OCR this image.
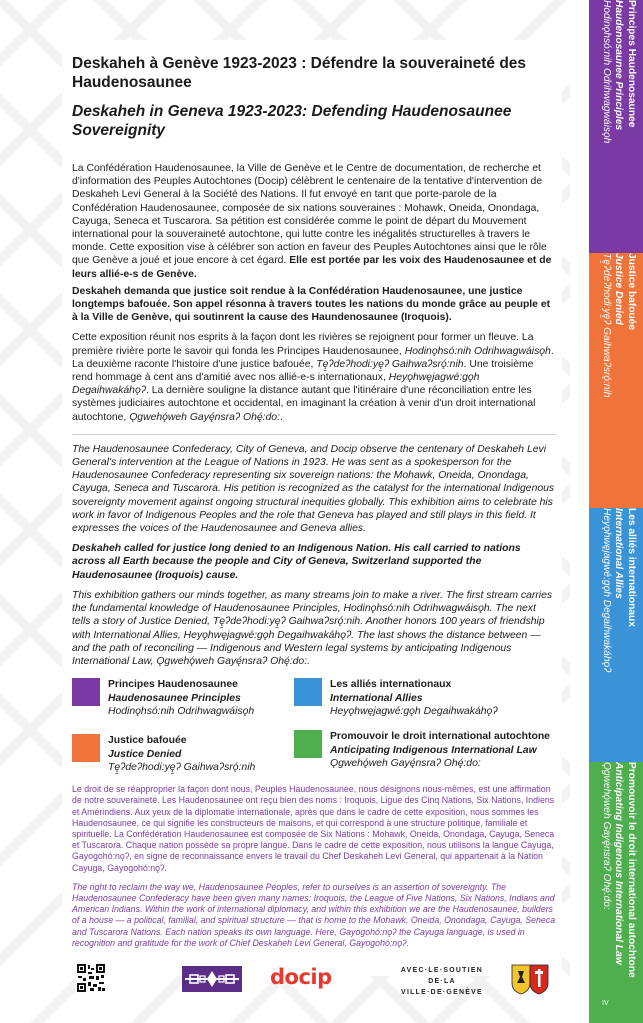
Deskaheh à Genève 1923-2023 : Défendre la souveraineté des Haudenosaunee
Deskaheh in Geneva 1923-2023: Defending Haudenosaunee Sovereignity

La Confédération Haudenosaunee, la Ville de Genève et le Centre de documentation, de recherche et d'information des Peuples Autochtones (Docip) célèbrent le centenaire de la tentative d'intervention de Deskaheh Levi General à la Société des Nations. Il fut envoyé en tant que porte-parole de la Confédération Haudenosaunee, composée de six nations souveraines : Mohawk, Oneida, Onondaga, Cayuga, Seneca et Tuscarora. Sa pétition est considérée comme le point de départ du Mouvement international pour la souveraineté autochtone, qui lutte contre les inégalités structurelles à travers le monde. Cette exposition vise à célébrer son action en faveur des Peuples Autochtones ainsi que le rôle que Genève a joué et joue encore à cet égard. Elle est portée par les voix des Haudenosaunee et de leurs allié-e-s de Genève.

Deskaheh demanda que justice soit rendue à la Confédération Haudenosaunee, une justice longtemps bafouée. Son appel résonna à travers toutes les nations du monde grâce au peuple et à la Ville de Genève, qui soutinrent la cause des Haundenosaunee (Iroquois).

Cette exposition réunit nos esprits à la façon dont les rivières se rejoignent pour former un fleuve. La première rivière porte le savoir qui fonda les Principes Haudenosaunee, Hodinǫhsó:nih Odrihwagwáisǫh. La deuxième raconte l'histoire d'une justice bafouée, Tę̱ʔdeʔhodi:yę̱ʔ Gaihwaʔsrǫ́:nih. Une troisième rend hommage à cent ans d'amitié avec nos allié-e-s internationaux, Heyǫhwęjagwé:gǫh Degaihwakáhǫʔ. La dernière souligne la distance autant que l'itinéraire d'une réconciliation entre les systèmes judiciaires autochtone et occidental, en imaginant la création à venir d'un droit international autochtone, Ǫgwehǫ́weh Gayę́nsraʔ Ohę́:do:.

The Haudenosaunee Confederacy, City of Geneva, and Docip observe the centenary of Deskaheh Levi General's intervention at the League of Nations in 1923. He was sent as a spokesperson for the Haudenosaunee Confederacy representing six sovereign nations: the Mohawk, Oneida, Onondaga, Cayuga, Seneca and Tuscarora. His petition is recognized as the catalyst for the international Indigenous sovereignty movement against ongoing structural inequities globally. This exhibition aims to celebrate his work in favor of Indigenous Peoples and the role that Geneva has played and still plays in this field. It expresses the voices of the Haudenosaunee and Geneva allies.

Deskaheh called for justice long denied to an Indigenous Nation. His call carried to nations across all Earth because the people and City of Geneva, Switzerland supported the Haudenosaunee (Iroquois) cause.

This exhibition gathers our minds together, as many streams join to make a river. The first stream carries the fundamental knowledge of Haudenosaunee Principles, Hodinǫhsó:nih Odrihwagwáisǫh. The next tells a story of Justice Denied, Tę̱ʔdeʔhodi:yę̱ʔ Gaihwaʔsrǫ́:nih. Another honors 100 years of friendship with International Allies, Heyǫhwęjagwé:gǫh Degaihwakáhǫʔ. The last shows the distance between — and the path of reconciling — Indigenous and Western legal systems by anticipating Indigenous International Law, Ǫgwehǫ́weh Gayę́nsraʔ Ohę́:do:.

Principes Haudenosaunee
Haudenosaunee Principles
Hodinǫhsó:nih Odrihwagwáisǫh
Les alliés internationaux
International Allies
Heyǫhwęjagwé:gǫh Degaihwakáhǫʔ
Justice bafouée
Justice Denied
Tę̱ʔdeʔhodi:yę̱ʔ Gaihwaʔsrǫ́:nih
Promouvoir le droit international autochtone
Anticipating Indigenous International Law
Ǫgwehǫ́weh Gayę́nsraʔ Ohę́:do:

Le droit de se réapproprier la façon dont nous, Peuples Haudenosaunee, nous désignons nous-mêmes, est une affirmation de notre souveraineté. Les Haudenosaunee ont reçu bien des noms : Iroquois, Ligue des Cinq Nations, Six Nations, Indiens et Amérindiens. Aux yeux de la diplomatie internationale, après que dans le cadre de cette exposition, nous sommes les Haudenosaunee, ce qui signifie les constructeurs de maisons, et qui correspond à une structure politique, familiale et spirituelle. La Confédération Haudenosaunee est composée de Six Nations : Mohawk, Oneida, Onondaga, Cayuga, Seneca et Tuscarora. Chaque nation possède sa propre langue. Dans le cadre de cette exposition, nous utilisons la langue Cayuga, Gayogohó:nǫʔ, en signe de reconnaissance envers le travail du Chef Deskaheh Levi General, qui appartenait à la Nation Cayuga, Gayogohó:nǫʔ.

The right to reclaim the way we, Haudenosaunee Peoples, refer to ourselves is an assertion of sovereignty. The Haudenosaunee Confederacy have been given many names: Iroquois, the League of Five Nations, Six Nations, Indians and American Indians. Within the work of international diplomacy, and within this exhibition we are the Haudenosaunee, builders of a house — a political, familial, and spiritual structure — that is home to the Mohawk, Oneida, Onondaga, Cayuga, Seneca and Tuscarora Nations. Each nation speaks its own language. Here, Gayogohó:nǫʔ the Cayuga language, is used in recognition and gratitude for the work of Chief Deskaheh Levi General, Gayogohó:nǫʔ.

docip	AVEC·LE·SOUTIEN
DE·LA
VILLE·DE·GENÈVE
Principes Haudenosaunee
Haudenosaunee Principles
Hodinǫhsó:nih Odrihwagwáisǫh
Justice bafouée
Justice Denied
Tę̱ʔdeʔhodi:yę̱ʔ Gaihwaʔsrǫ́:nih
Les alliés internationaux
International Allies
Heyǫhwęjagwé:gǫh Degaihwakáhǫʔ
Promouvoir le droit international autochtone
Anticipating Indigenous International Law
Ǫgwehǫ́weh Gayę́nsraʔ Ohę́:do:
IV
